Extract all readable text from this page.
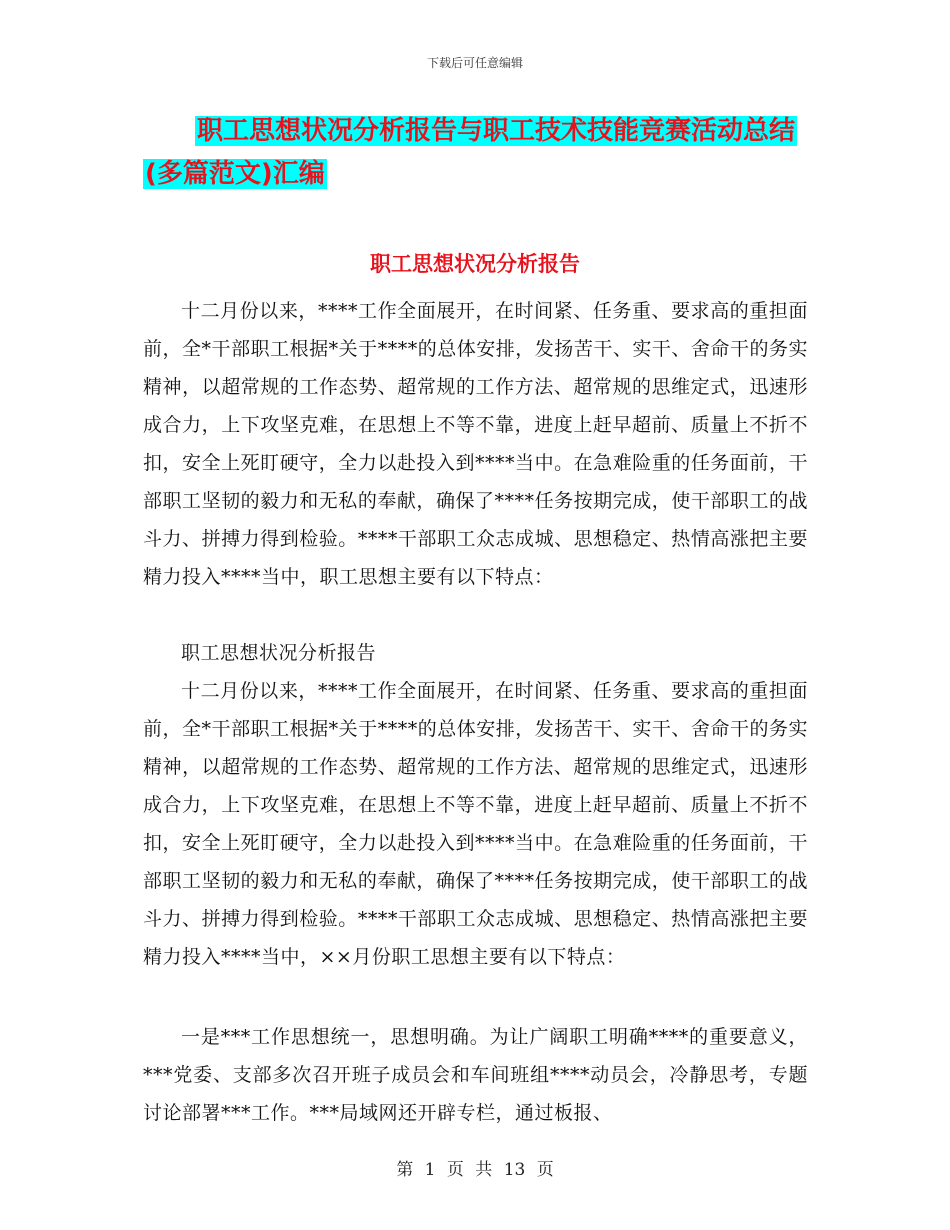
下载后可任意编辑
职工思想状况分析报告与职工技术技能竞赛活动总结
(多篇范文)汇编
职工思想状况分析报告

十二月份以来，****工作全面展开，在时间紧、任务重、要求高的重担面前，全*干部职工根据*关于****的总体安排，发扬苦干、实干、舍命干的务实精神，以超常规的工作态势、超常规的工作方法、超常规的思维定式，迅速形成合力，上下攻坚克难，在思想上不等不靠，进度上赶早超前、质量上不折不扣，安全上死盯硬守，全力以赴投入到****当中。在急难险重的任务面前，干部职工坚韧的毅力和无私的奉献，确保了****任务按期完成，使干部职工的战斗力、拼搏力得到检验。****干部职工众志成城、思想稳定、热情高涨把主要精力投入****当中，职工思想主要有以下特点：

职工思想状况分析报告

十二月份以来，****工作全面展开，在时间紧、任务重、要求高的重担面前，全*干部职工根据*关于****的总体安排，发扬苦干、实干、舍命干的务实精神，以超常规的工作态势、超常规的工作方法、超常规的思维定式，迅速形成合力，上下攻坚克难，在思想上不等不靠，进度上赶早超前、质量上不折不扣，安全上死盯硬守，全力以赴投入到****当中。在急难险重的任务面前，干部职工坚韧的毅力和无私的奉献，确保了****任务按期完成，使干部职工的战斗力、拼搏力得到检验。****干部职工众志成城、思想稳定、热情高涨把主要精力投入****当中，××月份职工思想主要有以下特点：

一是***工作思想统一，思想明确。为让广阔职工明确****的重要意义，***党委、支部多次召开班子成员会和车间班组****动员会，冷静思考，专题讨论部署***工作。***局域网还开辟专栏，通过板报、

第 1 页 共 13 页
